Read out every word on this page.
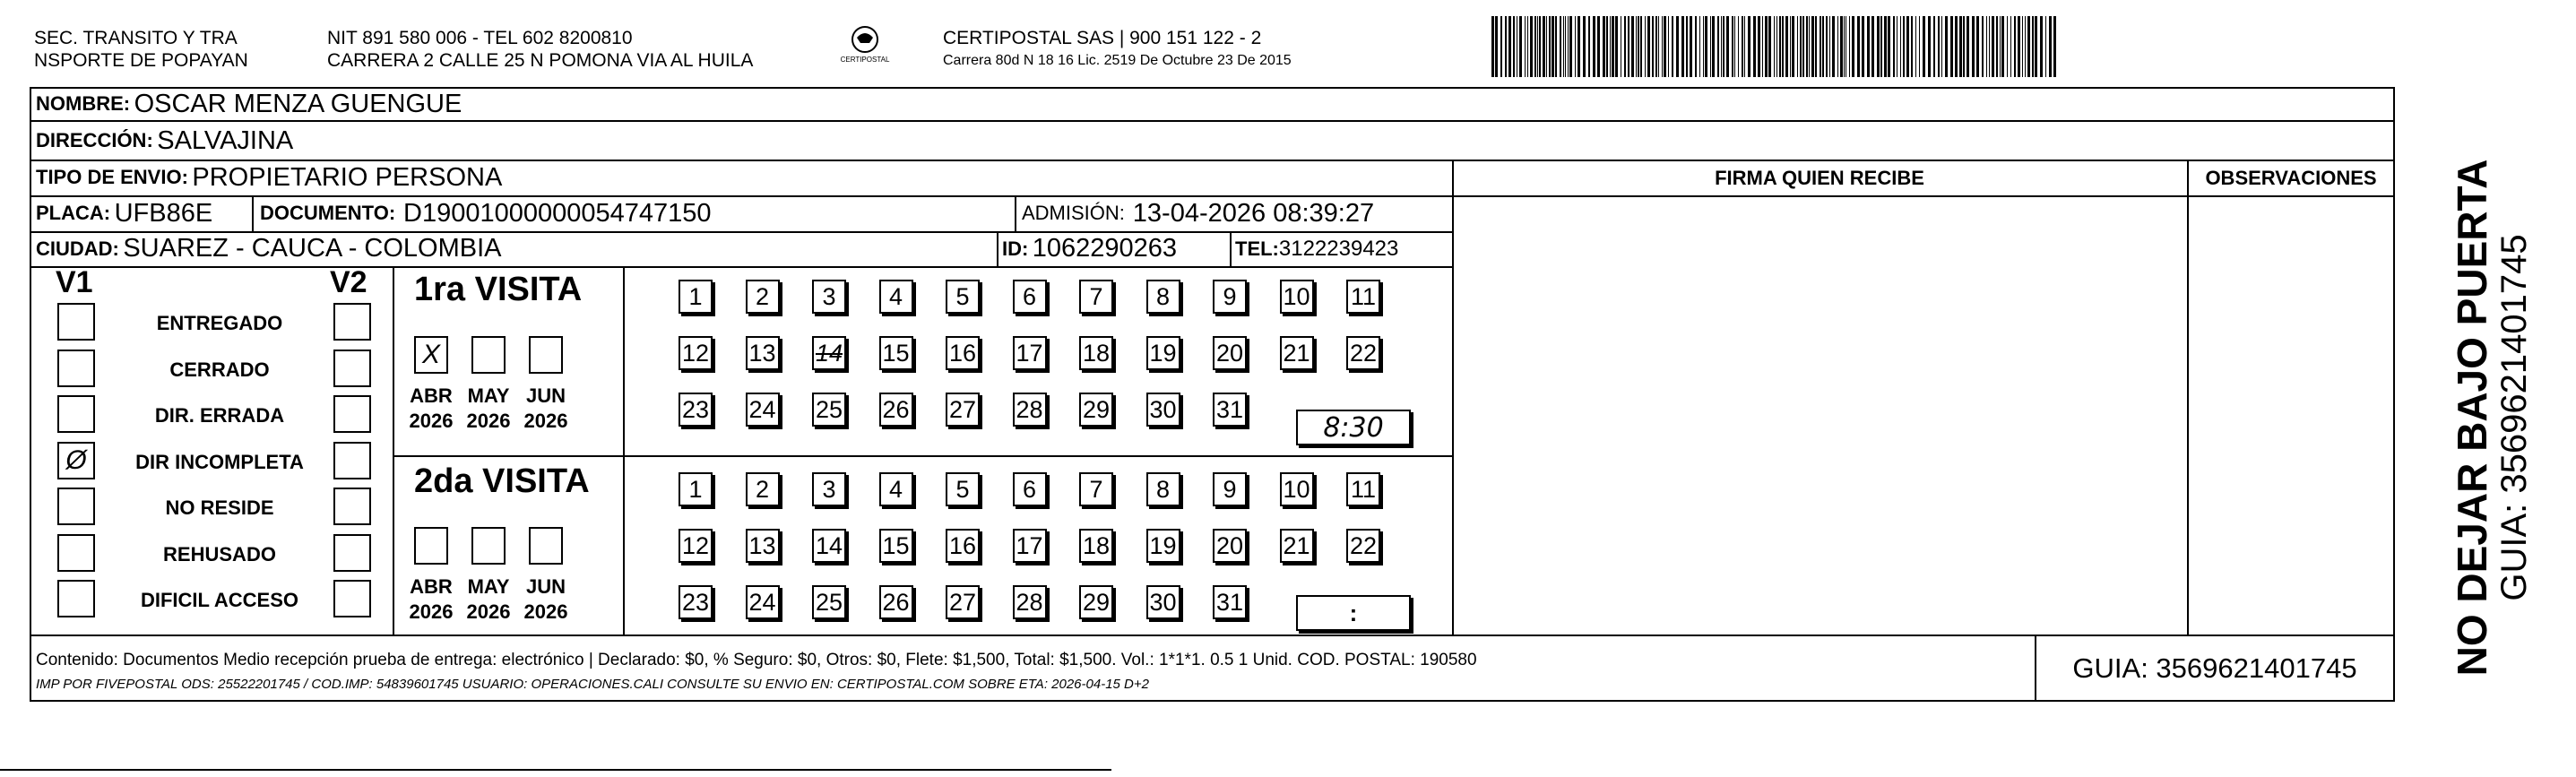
SEC. TRANSITO Y TRA
NSPORTE DE POPAYAN
NIT 891 580 006 - TEL 602 8200810
CARRERA 2 CALLE 25 N POMONA VIA AL HUILA	CERTIPOSTAL
CERTIPOSTAL SAS | 900 151 122 - 2
Carrera 80d N 18 16 Lic. 2519 De Octubre 23 De 2015
NOMBRE:
OSCAR MENZA GUENGUE
DIRECCIÓN:
SALVAJINA
TIPO DE ENVIO:
PROPIETARIO PERSONA	FIRMA QUIEN RECIBE	OBSERVACIONES
PLACA:
UFB86E DOCUMENTO:
D19001000000054747150	ADMISIÓN:
13-04-2026 08:39:27
CIUDAD:
SUAREZ - CAUCA - COLOMBIA	ID:
1062290263	TEL: 3122239423
V1	V2
ENTREGADO
CERRADO
DIR. ERRADA
Ø	DIR INCOMPLETA
NO RESIDE
REHUSADO
DIFICIL ACCESO
1ra VISITA
X
ABR
2026
MAY
2026
JUN
2026
1	2	3	4	5	6	7	8	9	10 11
12 13 14 15 16 17 18 19 20 21 22
23 24 25 26 27 28 29 30 31
8:30
2da VISITA
ABR
2026
MAY
2026
JUN
2026
1	2	3	4	5	6	7	8	9	10 11
12 13 14 15 16 17 18 19 20 21 22
23 24 25 26 27 28 29 30 31	:
Contenido: Documentos Medio recepción prueba de entrega: electrónico | Declarado: $0, % Seguro: $0, Otros: $0, Flete: $1,500, Total: $1,500. Vol.: 1*1*1. 0.5 1 Unid. COD. POSTAL: 190580
IMP POR FIVEPOSTAL ODS: 25522201745 / COD.IMP: 54839601745 USUARIO: OPERACIONES.CALI CONSULTE SU ENVIO EN: CERTIPOSTAL.COM SOBRE ETA: 2026-04-15 D+2
GUIA: 3569621401745	NO DEJAR BAJO PUERTA GUIA: 3569621401745
